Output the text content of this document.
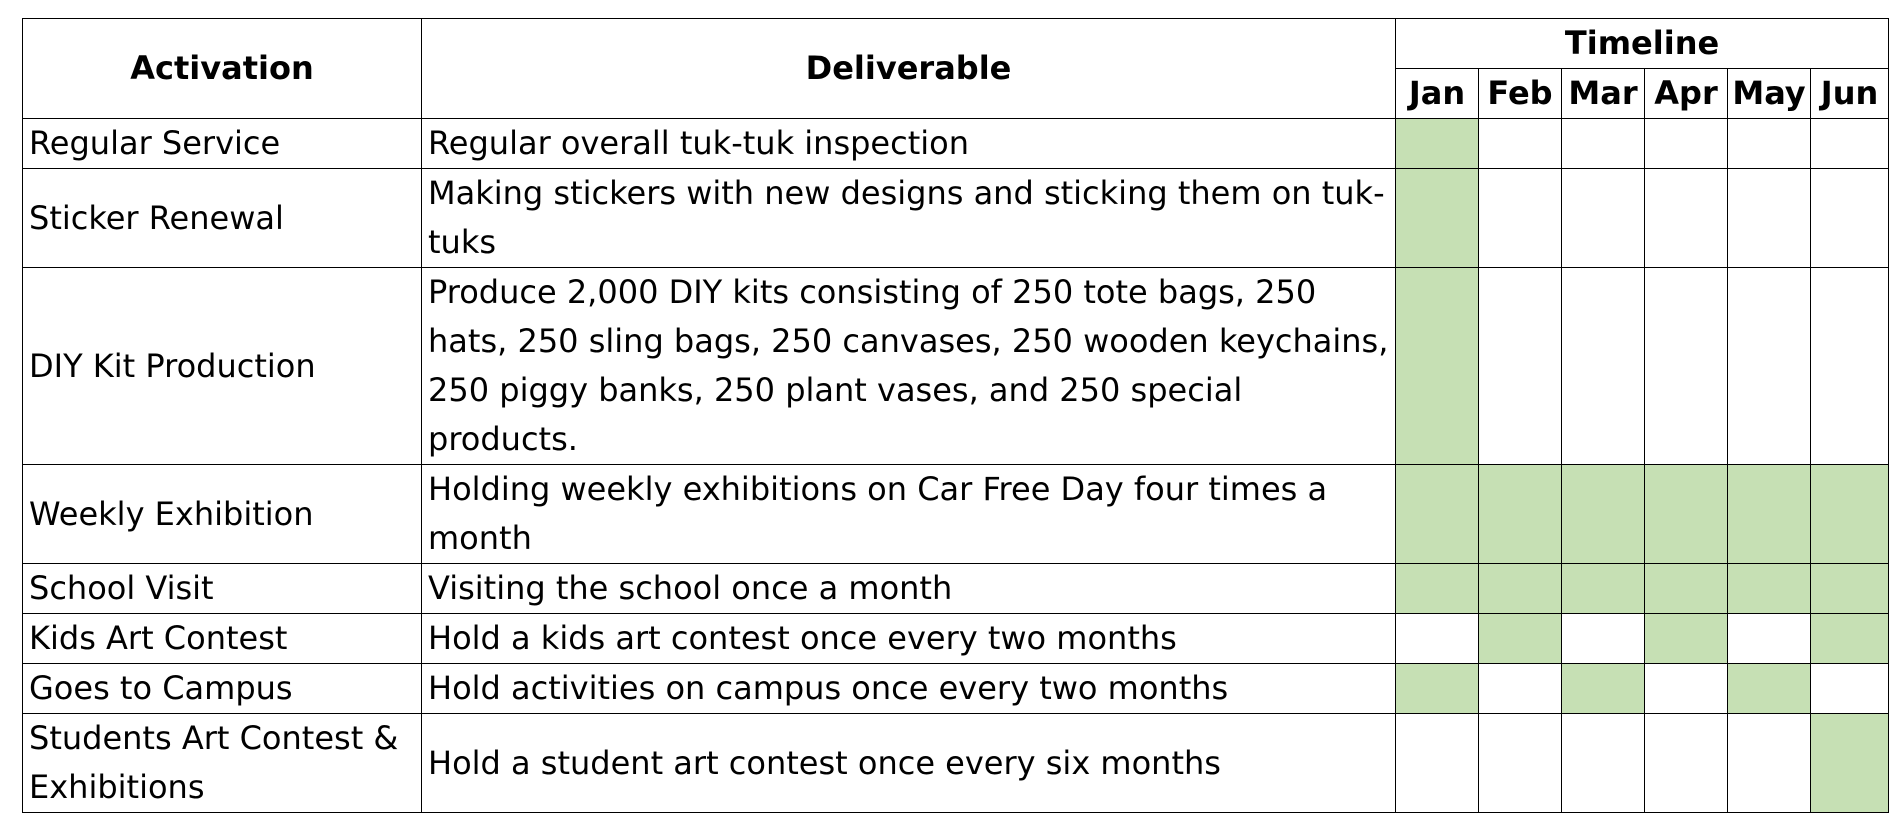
Activation	Deliverable	Timeline					
		Jan	Feb	Mar	Apr	May	Jun
Regular Service	Regular overall tuk-tuk inspection						
Sticker Renewal	Making stickers with new designs and sticking them on tuk-tuks						
DIY Kit Production	Produce 2,000 DIY kits consisting of 250 tote bags, 250 hats, 250 sling bags, 250 canvases, 250 wooden keychains, 250 piggy banks, 250 plant vases, and 250 special products.						
Weekly Exhibition	Holding weekly exhibitions on Car Free Day four times a month						
School Visit	Visiting the school once a month						
Kids Art Contest	Hold a kids art contest once every two months						
Goes to Campus	Hold activities on campus once every two months						
Students Art Contest & Exhibitions	Hold a student art contest once every six months						
